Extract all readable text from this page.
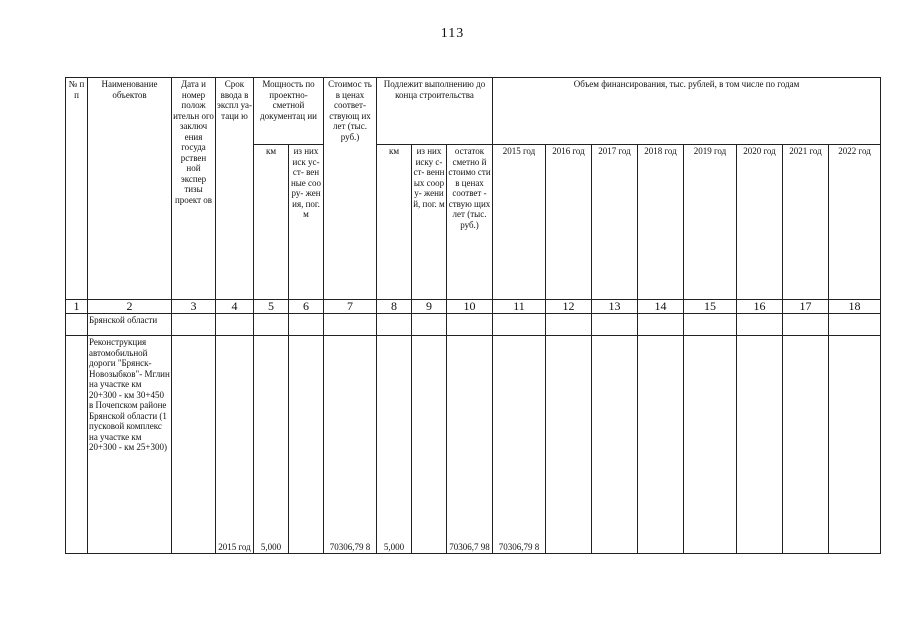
113
№ п п	Наименование объектов	Дата и номер полож ительн ого заключ ения госуда рствен ной экспер тизы проект ов	Срок ввода в экспл уа- таци ю	Мощность по проектно- сметной документац ии		Стоимос ть в ценах соответ- ствующ их лет (тыс. руб.)	Подлежит выполнению до конца строительства			Объем финансирования, тыс. рублей, в том числе по годам							
				км	из них иск ус- ст- вен ные соо ру- жен ия, пог. м		км	из них иску с-ст- венн ых соор у- жени й, пог. м	остаток сметно й стоимо сти в ценах соответ - ствую щих лет (тыс. руб.)	2015 год	2016 год	2017 год	2018 год	2019 год	2020 год	2021 год	2022 год
1	2	3	4	5	6	7	8	9	10	11	12	13	14	15	16	17	18
	Брянской области																
	Реконструкция автомобильной дороги "Брянск- Новозыбков"- Мглин на участке км 20+300 - км 30+450 в Почепском районе Брянской области (1 пусковой комплекс на участке км 20+300 - км 25+300)		2015 год	5,000		70306,79 8	5,000		70306,7 98	70306,79 8							
